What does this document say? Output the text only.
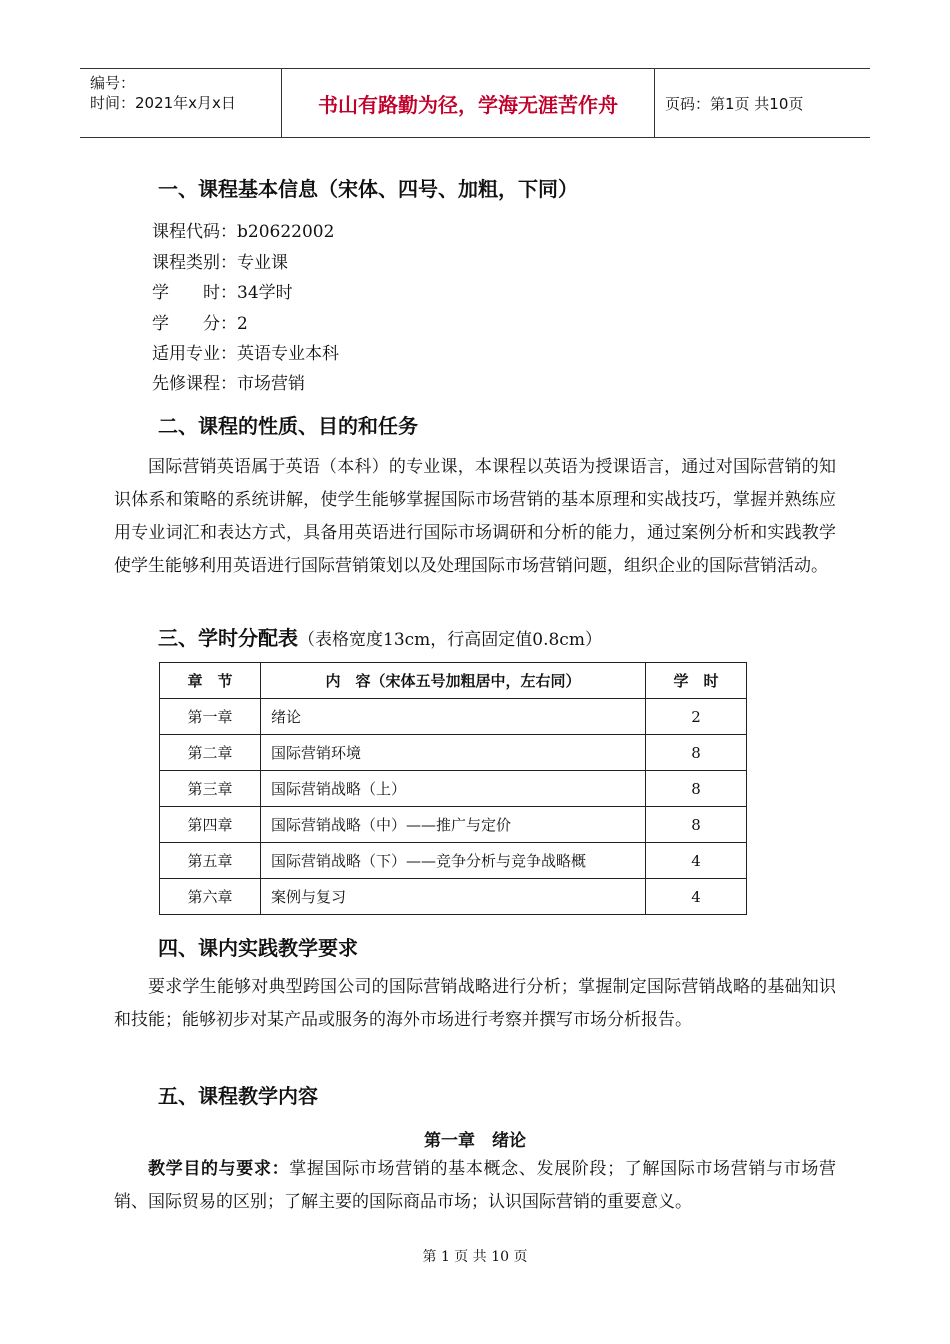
编号：
时间：2021年x月x日	书山有路勤为径，学海无涯苦作舟	页码：第1页 共10页
一、课程基本信息（宋体、四号、加粗，下同）
课程代码：b20622002
课程类别：专业课
学　　时：34学时
学　　分：2
适用专业：英语专业本科
先修课程：市场营销
二、课程的性质、目的和任务

国际营销英语属于英语（本科）的专业课，本课程以英语为授课语言，通过对国际营销的知识体系和策略的系统讲解，使学生能够掌握国际市场营销的基本原理和实战技巧，掌握并熟练应用专业词汇和表达方式，具备用英语进行国际市场调研和分析的能力，通过案例分析和实践教学使学生能够利用英语进行国际营销策划以及处理国际市场营销问题，组织企业的国际营销活动。

三、学时分配表（表格宽度13cm，行高固定值0.8cm）
章　节	内　容（宋体五号加粗居中，左右同）	学　时
第一章	绪论	2
第二章	国际营销环境	8
第三章	国际营销战略（上）	8
第四章	国际营销战略（中）——推广与定价	8
第五章	国际营销战略（下）——竞争分析与竞争战略概	4
第六章	案例与复习	4
四、课内实践教学要求

要求学生能够对典型跨国公司的国际营销战略进行分析；掌握制定国际营销战略的基础知识和技能；能够初步对某产品或服务的海外市场进行考察并撰写市场分析报告。

五、课程教学内容
第一章　绪论

教学目的与要求：掌握国际市场营销的基本概念、发展阶段；了解国际市场营销与市场营销、国际贸易的区别；了解主要的国际商品市场；认识国际营销的重要意义。

第 1 页 共 10 页
